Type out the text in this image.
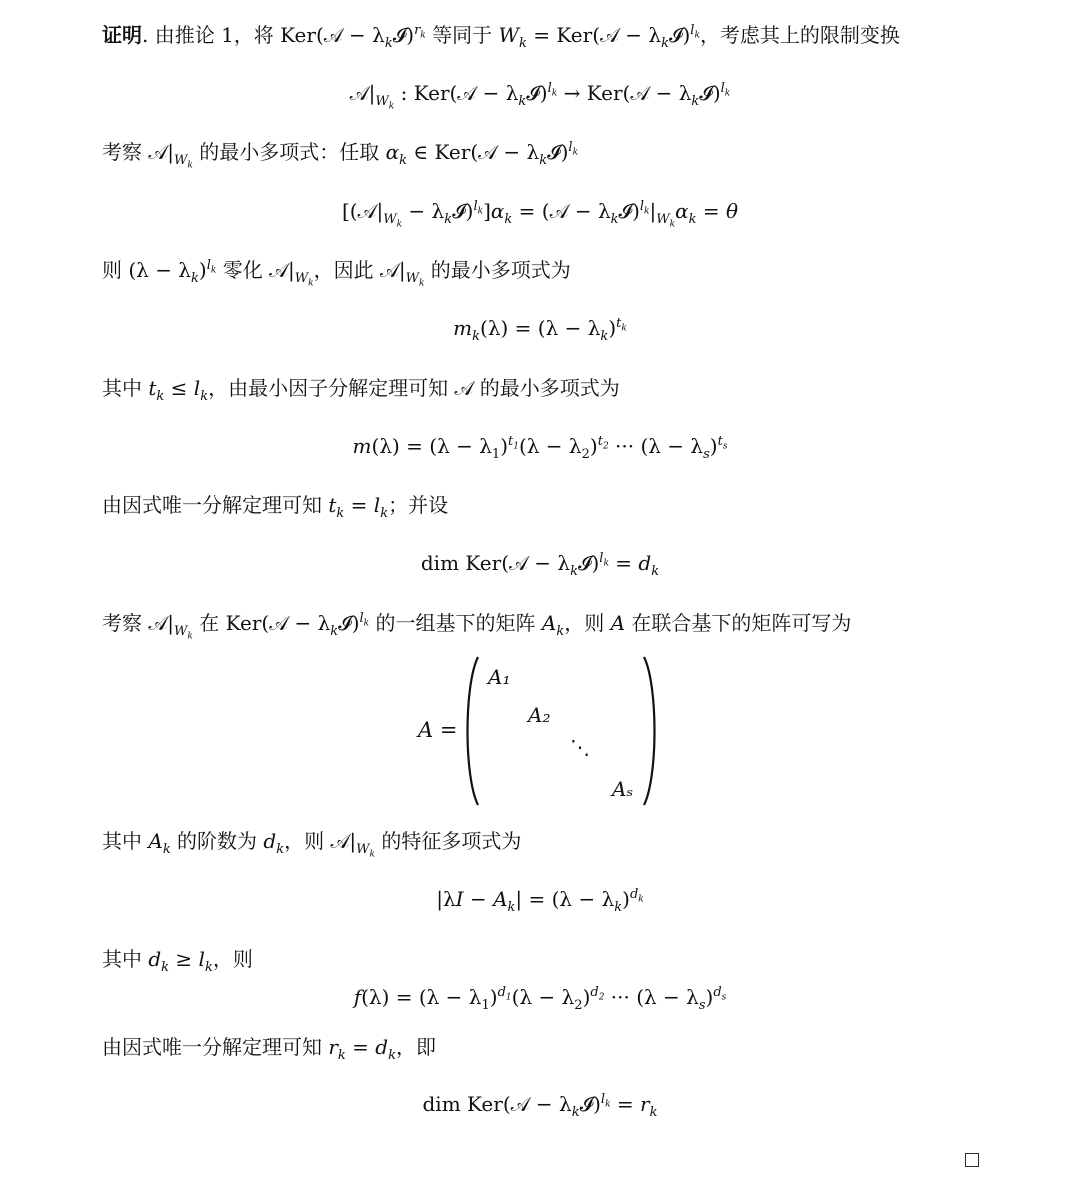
证明. 由推论 1，将 Ker(𝒜 − $\lambda_k𝓘)^{r_k}$ 等同于 $W_k$ = Ker(𝒜 − $\lambda_k𝓘)^{l_k}$，考虑其上的限制变换
$𝒜|_{W_k}$ : Ker(𝒜 − $\lambda_k𝓘)^{l_k}$ → Ker(𝒜 − $\lambda_k𝓘)^{l_k}$
考察 $𝒜|_{W_k}$ 的最小多项式：任取 $\alpha_k$ ∈ Ker(𝒜 − $\lambda_k𝓘)^{l_k}$
[($𝒜|_{W_k}$ − $\lambda_k𝓘)^{l_k}]\alpha_k$ = (𝒜 − $\lambda_k𝓘)^{l_k}|_{W_k}\alpha_k = \theta$
则 $(\lambda - \lambda_k)^{l_k}$ 零化 $𝒜|_{W_k}$，因此 $𝒜|_{W_k}$ 的最小多项式为
$m_k(\lambda) = (\lambda - \lambda_k)^{t_k}$
其中 $t_k \le l_k$，由最小因子分解定理可知 𝒜 的最小多项式为
$m(\lambda) = (\lambda - \lambda_1)^{t_1}(\lambda - \lambda_2)^{t_2}$ ··· $(\lambda - \lambda_s)^{t_s}$
由因式唯一分解定理可知 $t_k = l_k$；并设
dim Ker(𝒜 − $\lambda_k𝓘)^{l_k} = d_k$
考察 $𝒜|_{W_k}$ 在 Ker(𝒜 − $\lambda_k𝓘)^{l_k}$ 的一组基下的矩阵 $A_k$，则 A 在联合基下的矩阵可写为
A =
A₁
A₂
⋱
Aₛ
其中 $A_k$ 的阶数为 $d_k$，则 $𝒜|_{W_k}$ 的特征多项式为
$|\lambda I - A_k| = (\lambda - \lambda_k)^{d_k}$
其中 $d_k \ge l_k$，则
$f(\lambda) = (\lambda - \lambda_1)^{d_1}(\lambda - \lambda_2)^{d_2}$ ··· $(\lambda - \lambda_s)^{d_s}$
由因式唯一分解定理可知 $r_k = d_k$，即
dim Ker(𝒜 − $\lambda_k𝓘)^{l_k} = r_k$
